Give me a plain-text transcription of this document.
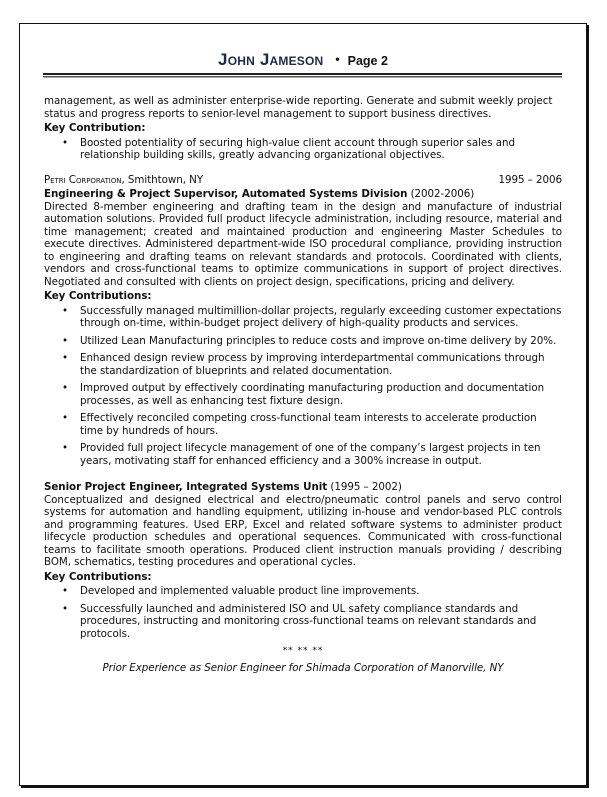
John Jameson • Page 2

management, as well as administer enterprise-wide reporting. Generate and submit weekly project status and progress reports to senior-level management to support business directives.

Key Contribution:

• Boosted potentiality of securing high-value client account through superior sales and relationship building skills, greatly advancing organizational objectives.
Petri Corporation, Smithtown, NY	1995 – 2006

Engineering & Project Supervisor, Automated Systems Division (2002-2006)

Directed 8-member engineering and drafting team in the design and manufacture of industrial automation solutions. Provided full product lifecycle administration, including resource, material and time management; created and maintained production and engineering Master Schedules to execute directives. Administered department-wide ISO procedural compliance, providing instruction to engineering and drafting teams on relevant standards and protocols. Coordinated with clients, vendors and cross-functional teams to optimize communications in support of project directives. Negotiated and consulted with clients on project design, specifications, pricing and delivery.

Key Contributions:

• Successfully managed multimillion-dollar projects, regularly exceeding customer expectations through on-time, within-budget project delivery of high-quality products and services.
• Utilized Lean Manufacturing principles to reduce costs and improve on-time delivery by 20%.
• Enhanced design review process by improving interdepartmental communications through the standardization of blueprints and related documentation.
• Improved output by effectively coordinating manufacturing production and documentation processes, as well as enhancing test fixture design.
• Effectively reconciled competing cross-functional team interests to accelerate production time by hundreds of hours.
• Provided full project lifecycle management of one of the company’s largest projects in ten years, motivating staff for enhanced efficiency and a 300% increase in output.

Senior Project Engineer, Integrated Systems Unit (1995 – 2002)

Conceptualized and designed electrical and electro/pneumatic control panels and servo control systems for automation and handling equipment, utilizing in-house and vendor-based PLC controls and programming features. Used ERP, Excel and related software systems to administer product lifecycle production schedules and operational sequences. Communicated with cross-functional teams to facilitate smooth operations. Produced client instruction manuals providing / describing BOM, schematics, testing procedures and operational cycles.

Key Contributions:

• Developed and implemented valuable product line improvements.
• Successfully launched and administered ISO and UL safety compliance standards and procedures, instructing and monitoring cross-functional teams on relevant standards and protocols.

** ** **

Prior Experience as Senior Engineer for Shimada Corporation of Manorville, NY
